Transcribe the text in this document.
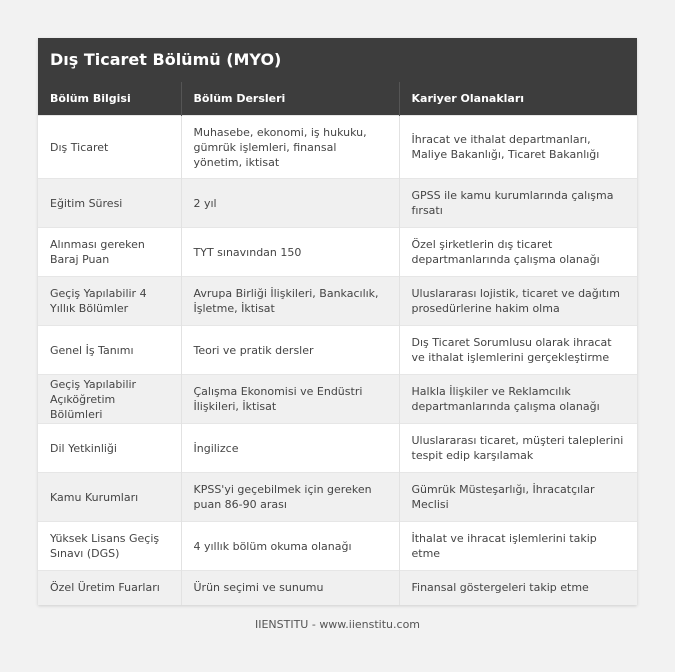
Dış Ticaret Bölümü (MYO)
Bölüm Bilgisi	Bölüm Dersleri	Kariyer Olanakları
Dış Ticaret	Muhasebe, ekonomi, iş hukuku, gümrük işlemleri, finansal yönetim, iktisat	İhracat ve ithalat departmanları, Maliye Bakanlığı, Ticaret Bakanlığı
Eğitim Süresi	2 yıl	GPSS ile kamu kurumlarında çalışma fırsatı
Alınması gereken Baraj Puan	TYT sınavından 150	Özel şirketlerin dış ticaret departmanlarında çalışma olanağı
Geçiş Yapılabilir 4 Yıllık Bölümler	Avrupa Birliği İlişkileri, Bankacılık, İşletme, İktisat	Uluslararası lojistik, ticaret ve dağıtım prosedürlerine hakim olma
Genel İş Tanımı	Teori ve pratik dersler	Dış Ticaret Sorumlusu olarak ihracat ve ithalat işlemlerini gerçekleştirme
Geçiş Yapılabilir Açıköğretim Bölümleri	Çalışma Ekonomisi ve Endüstri İlişkileri, İktisat	Halkla İlişkiler ve Reklamcılık departmanlarında çalışma olanağı
Dil Yetkinliği	İngilizce	Uluslararası ticaret, müşteri taleplerini tespit edip karşılamak
Kamu Kurumları	KPSS'yi geçebilmek için gereken puan 86-90 arası	Gümrük Müsteşarlığı, İhracatçılar Meclisi
Yüksek Lisans Geçiş Sınavı (DGS)	4 yıllık bölüm okuma olanağı	İthalat ve ihracat işlemlerini takip etme
Özel Üretim Fuarları	Ürün seçimi ve sunumu	Finansal göstergeleri takip etme
IIENSTITU - www.iienstitu.com
